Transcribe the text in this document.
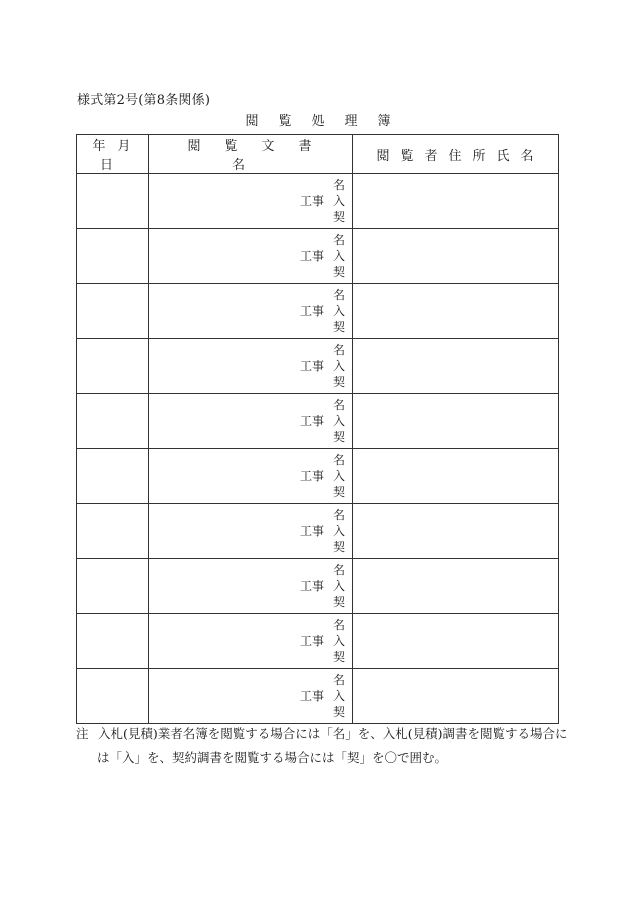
様式第2号(第8条関係)
閲覧処理簿
年月日	閲覧文書名	閲覧者住所氏名

	工事
名
入
契	

	工事
名
入
契	

	工事
名
入
契	

	工事
名
入
契	

	工事
名
入
契	

	工事
名
入
契	

	工事
名
入
契	

	工事
名
入
契	

	工事
名
入
契	

	工事
名
入
契	

注 入札(見積)業者名簿を閲覧する場合には「名」を、入札(見積)調書を閲覧する場合に
は「入」を、契約調書を閲覧する場合には「契」を〇で囲む。
